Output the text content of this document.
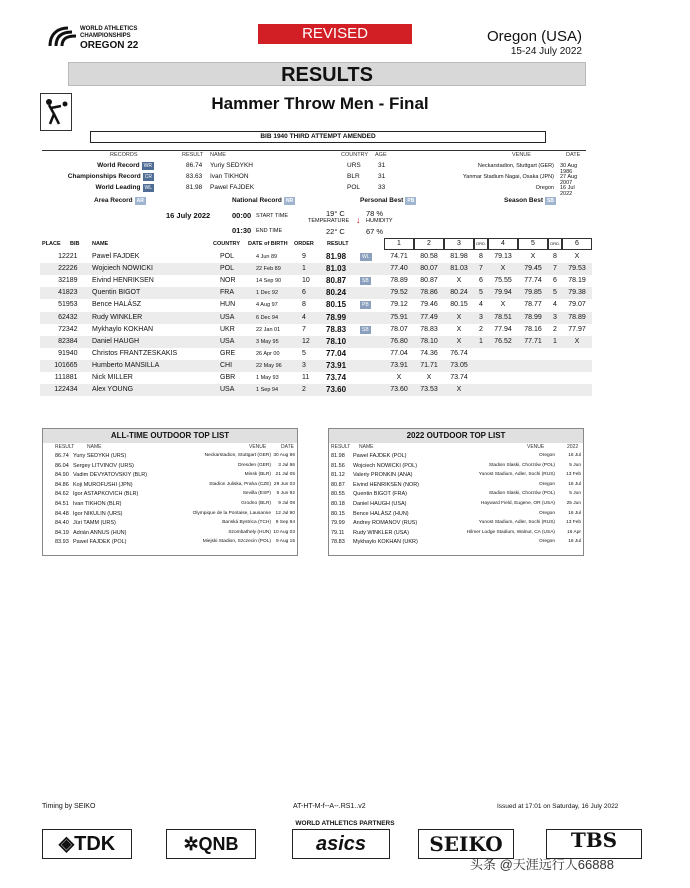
WORLD ATHLETICS
CHAMPIONSHIPS
OREGON 22
REVISED	Oregon (USA)
15-24 July 2022
RESULTS
Hammer Throw Men - Final
BIB 1940 THIRD ATTEMPT AMENDED
RECORDS	RESULT NAME	COUNTRY AGE	VENUE	DATE
World Record WR	86.74 Yuriy SEDYKH	URS	31	Neckarstadion, Stuttgart (GER) 30 Aug 1986
Championships Record CR	83.63 Ivan TIKHON	BLR	31	Yanmar Stadium Nagai, Osaka (JPN) 27 Aug 2007
World Leading WL	81.98 Pawel FAJDEK	POL	33	Oregon 16 Jul 2022
Area Record AR	National Record NR	Personal Best PB	Season Best SB
16 July 2022	00:00 START TIME
01:30 END TIME
19° C
TEMPERATURE
22° C
↓
78 %
HUMIDITY
67 %
PLACE BIB NAME	COUNTRY DATE of BIRTH ORDER RESULT	1	2	3	ORD.	4	5	ORD.	6
1 2221 Pawel FAJDEK	POL	4 Jun 89	9	81.98	74.71	80.58	81.98	8	79.13	X	8	X
WL
2 2226 Wojciech NOWICKI	POL	22 Feb 89	1	81.03	77.40	80.07	81.03	7	X	79.45	7	79.53
3 2189 Eivind HENRIKSEN	NOR	14 Sep 90	10 80.87	78.89	80.87	X	6	75.55	77.74	6	78.19
SB
4 1823 Quentin BIGOT	FRA	1 Dec 92	6	80.24	79.52	78.86	80.24	5	79.94	79.85	5	79.38
5 1953 Bence HALÁSZ	HUN	4 Aug 97	8	80.15	79.12	79.46	80.15	4	X	78.77	4	79.07
PB
6 2432 Rudy WINKLER	USA	6 Dec 94	4	78.99	75.91	77.49	X	3	78.51	78.99	3	78.89
7 2342 Mykhaylo KOKHAN	UKR	22 Jan 01	7	78.83	78.07	78.83	X	2	77.94	78.16	2	77.97
SB
8 2384 Daniel HAUGH	USA	3 May 95	12 78.10	76.80	78.10	X	1	76.52	77.71	1	X
9 1940 Christos FRANTZESKAKIS	GRE	26 Apr 00	5	77.04	77.04	74.36	76.74
10 1665 Humberto MANSILLA	CHI	22 May 96	3	73.91	73.91	71.71	73.05
11 1881 Nick MILLER	GBR	1 May 93	11 73.74	X	X	73.74
12 2434 Alex YOUNG	USA	1 Sep 94	2	73.60	73.60	73.53	X
ALL-TIME OUTDOOR TOP LIST
RESULT	NAME	VENUE	DATE
86.74 Yuriy SEDYKH (URS)	Neckarstadion, Stuttgart (GER) 30 Aug 86
86.04 Sergey LITVINOV (URS)	Dresden (GER)	3 Jul 86
84.90 Vadim DEVYATOVSKIY (BLR)	Minsk (BLR) 21 Jul 05
84.86 Koji MUROFUSHI (JPN)	Stadion Juliska, Praha (CZE) 29 Jun 03
84.62 Igor ASTAPKOVICH (BLR)	Sevilla (ESP)	6 Jun 92
84.51 Ivan TIKHON (BLR)	Grodno (BLR)	9 Jul 08
84.48 Igor NIKULIN (URS)	Olympique de la Pontaise, Lausanne 12 Jul 90
84.40 Jüri TAMM (URS)	Banská Bystrica (TCH) 9 Sep 84
84.19 Adrián ANNUS (HUN)	Szombathely (HUN) 10 Aug 03
83.93 Pawel FAJDEK (POL)	Miejski Stadion, Szczecin (POL)	9 Aug 15
2022 OUTDOOR TOP LIST
RESULT NAME	VENUE	2022
81.98 Pawel FAJDEK (POL)	Oregon	16 Jul
81.56 Wojciech NOWICKI (POL)	Stadion Slaski, Chorzów (POL)	5 Jun
81.12 Valeriy PRONKIN (ANA)	Yunost Stadium, Adler, Sochi (RUS)	13 Feb
80.87 Eivind HENRIKSEN (NOR)	Oregon	16 Jul
80.55 Quentin BIGOT (FRA)	Stadion Slaski, Chorzów (POL)	5 Jun
80.18 Daniel HAUGH (USA)	Hayward Field, Eugene, OR (USA)	25 Jun
80.15 Bence HALÁSZ (HUN)	Oregon	16 Jul
79.99 Andrey ROMANOV (RUS)	Yunost Stadium, Adler, Sochi (RUS)	13 Feb
79.11 Rudy WINKLER (USA)	Hilmer Lodge Stadium, Walnut, CA (USA)	16 Apr
78.83 Mykhaylo KOKHAN (UKR)	Oregon	16 Jul
Timing by SEIKO	AT-HT-M-f--A--.RS1..v2	Issued at 17:01 on Saturday, 16 July 2022
WORLD ATHLETICS PARTNERS
◈TDK	✲QNB	asics	SEIKO	TBS
头条 @天涯远行人66888
